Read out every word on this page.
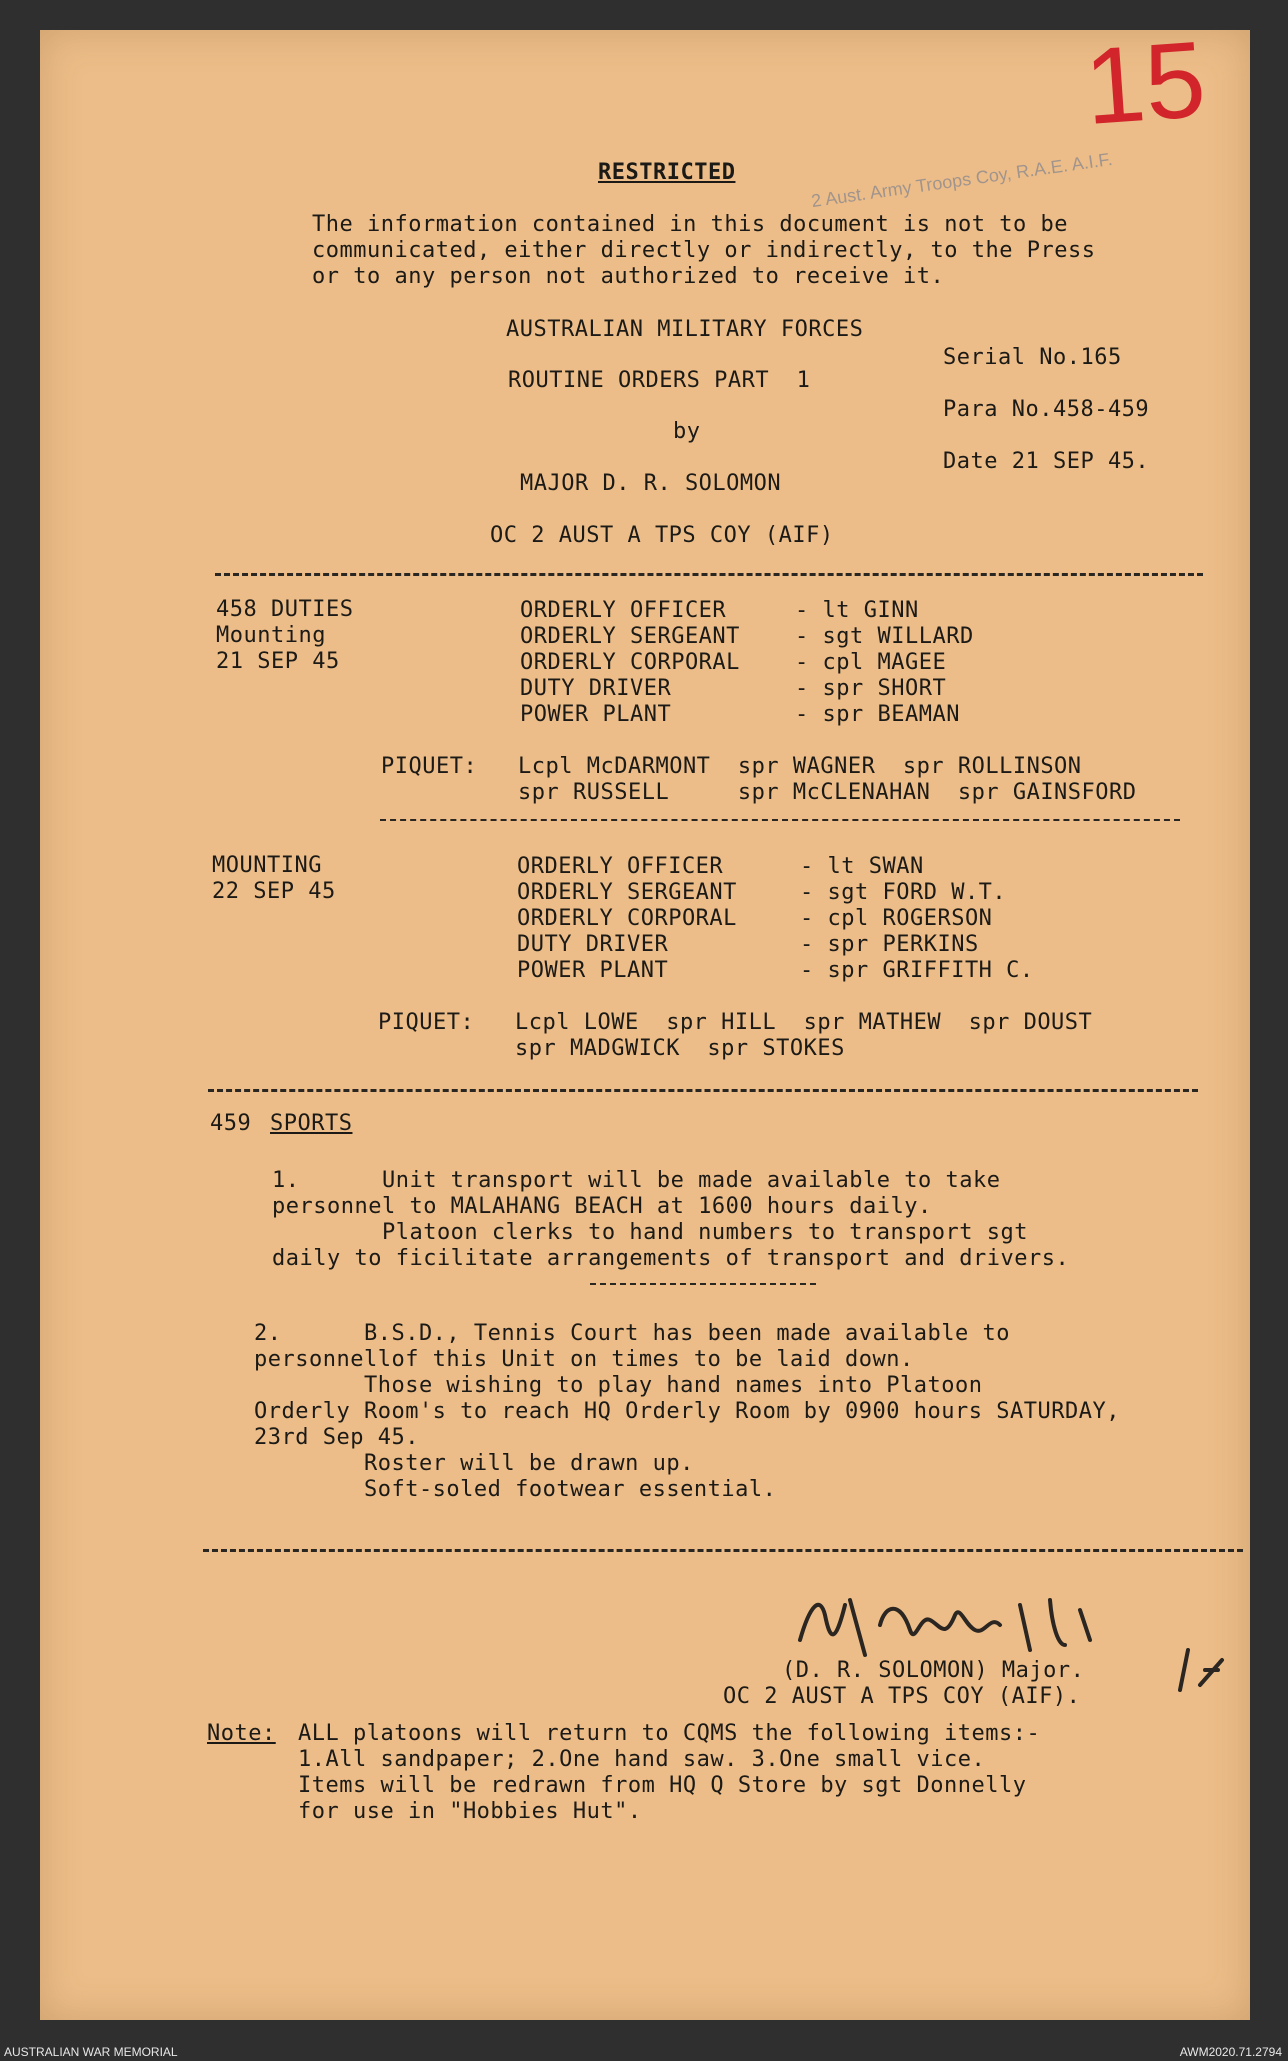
15
2 Aust. Army Troops Coy, R.A.E. A.I.F.
RESTRICTED
The information contained in this document is not to be
communicated, either directly or indirectly, to the Press
or to any person not authorized to receive it.
AUSTRALIAN MILITARY FORCES
ROUTINE ORDERS PART  1
by
MAJOR D. R. SOLOMON
OC 2 AUST A TPS COY (AIF)
Serial No.165
Para No.458-459
Date 21 SEP 45.
458 DUTIES
Mounting
21 SEP 45
ORDERLY OFFICER	- lt GINN
ORDERLY SERGEANT	- sgt WILLARD
ORDERLY CORPORAL	- cpl MAGEE
DUTY DRIVER	- spr SHORT
POWER PLANT	- spr BEAMAN
PIQUET: Lcpl McDARMONT  spr WAGNER  spr ROLLINSON
spr RUSSELL     spr McCLENAHAN  spr GAINSFORD
MOUNTING
22 SEP 45
ORDERLY OFFICER	- lt SWAN
ORDERLY SERGEANT	- sgt FORD W.T.
ORDERLY CORPORAL	- cpl ROGERSON
DUTY DRIVER	- spr PERKINS
POWER PLANT	- spr GRIFFITH C.
PIQUET: Lcpl LOWE  spr HILL  spr MATHEW  spr DOUST
spr MADGWICK  spr STOKES
459 SPORTS
1.      Unit transport will be made available to take
personnel to MALAHANG BEACH at 1600 hours daily.
Platoon clerks to hand numbers to transport sgt
daily to ficilitate arrangements of transport and drivers.
2.      B.S.D., Tennis Court has been made available to
personnellof this Unit on times to be laid down.
Those wishing to play hand names into Platoon
Orderly Room's to reach HQ Orderly Room by 0900 hours SATURDAY,
23rd Sep 45.
Roster will be drawn up.
Soft-soled footwear essential.
(D. R. SOLOMON) Major.
OC 2 AUST A TPS COY (AIF).
Note: ALL platoons will return to CQMS the following items:-
1.All sandpaper; 2.One hand saw. 3.One small vice.
Items will be redrawn from HQ Q Store by sgt Donnelly
for use in "Hobbies Hut".
AUSTRALIAN WAR MEMORIAL	AWM2020.71.2794
